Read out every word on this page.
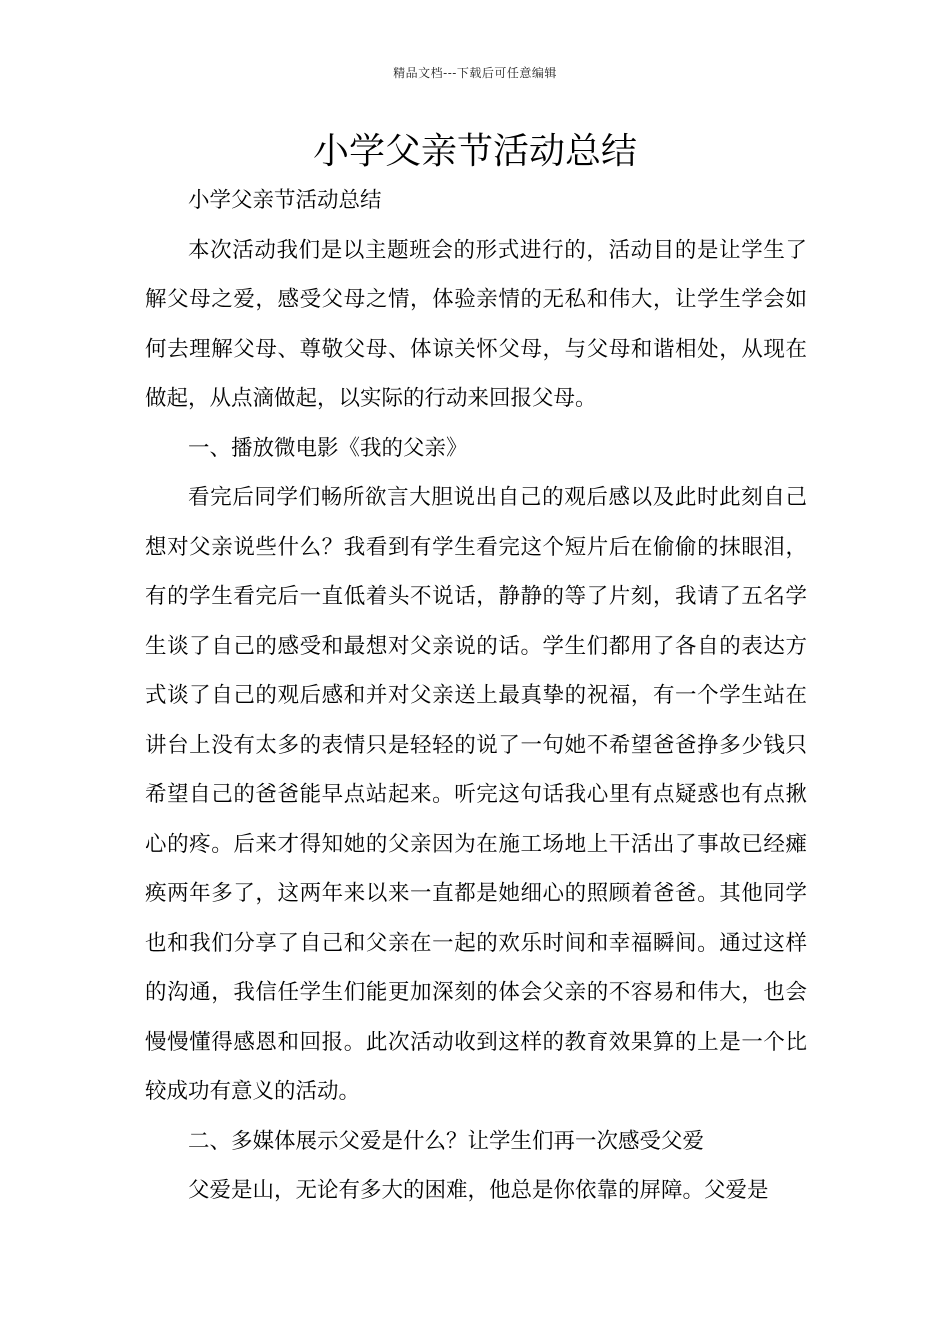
精品文档---下载后可任意编辑
小学父亲节活动总结

小学父亲节活动总结

本次活动我们是以主题班会的形式进行的，活动目的是让学生了解父母之爱，感受父母之情，体验亲情的无私和伟大，让学生学会如何去理解父母、尊敬父母、体谅关怀父母，与父母和谐相处，从现在做起，从点滴做起，以实际的行动来回报父母。

一、播放微电影《我的父亲》

看完后同学们畅所欲言大胆说出自己的观后感以及此时此刻自己想对父亲说些什么？我看到有学生看完这个短片后在偷偷的抹眼泪，有的学生看完后一直低着头不说话，静静的等了片刻，我请了五名学生谈了自己的感受和最想对父亲说的话。学生们都用了各自的表达方式谈了自己的观后感和并对父亲送上最真挚的祝福，有一个学生站在讲台上没有太多的表情只是轻轻的说了一句她不希望爸爸挣多少钱只希望自己的爸爸能早点站起来。听完这句话我心里有点疑惑也有点揪心的疼。后来才得知她的父亲因为在施工场地上干活出了事故已经瘫痪两年多了，这两年来以来一直都是她细心的照顾着爸爸。其他同学也和我们分享了自己和父亲在一起的欢乐时间和幸福瞬间。通过这样的沟通，我信任学生们能更加深刻的体会父亲的不容易和伟大，也会慢慢懂得感恩和回报。此次活动收到这样的教育效果算的上是一个比较成功有意义的活动。

二、多媒体展示父爱是什么？让学生们再一次感受父爱

父爱是山，无论有多大的困难，他总是你依靠的屏障。父爱是
